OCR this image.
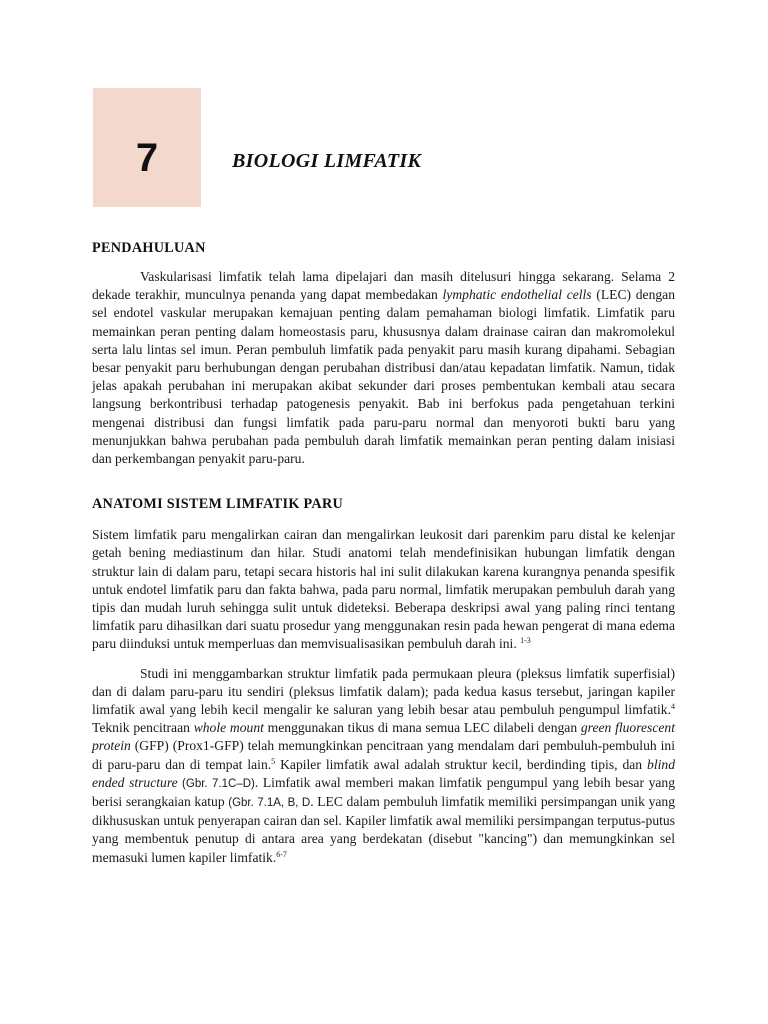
7	BIOLOGI LIMFATIK
PENDAHULUAN

Vaskularisasi limfatik telah lama dipelajari dan masih ditelusuri hingga sekarang. Selama 2 dekade terakhir, munculnya penanda yang dapat membedakan lymphatic endothelial cells (LEC) dengan sel endotel vaskular merupakan kemajuan penting dalam pemahaman biologi limfatik. Limfatik paru memainkan peran penting dalam homeostasis paru, khususnya dalam drainase cairan dan makromolekul serta lalu lintas sel imun. Peran pembuluh limfatik pada penyakit paru masih kurang dipahami. Sebagian besar penyakit paru berhubungan dengan perubahan distribusi dan/atau kepadatan limfatik. Namun, tidak jelas apakah perubahan ini merupakan akibat sekunder dari proses pembentukan kembali atau secara langsung berkontribusi terhadap patogenesis penyakit. Bab ini berfokus pada pengetahuan terkini mengenai distribusi dan fungsi limfatik pada paru-paru normal dan menyoroti bukti baru yang menunjukkan bahwa perubahan pada pembuluh darah limfatik memainkan peran penting dalam inisiasi dan perkembangan penyakit paru-paru.

ANATOMI SISTEM LIMFATIK PARU

Sistem limfatik paru mengalirkan cairan dan mengalirkan leukosit dari parenkim paru distal ke kelenjar getah bening mediastinum dan hilar. Studi anatomi telah mendefinisikan hubungan limfatik dengan struktur lain di dalam paru, tetapi secara historis hal ini sulit dilakukan karena kurangnya penanda spesifik untuk endotel limfatik paru dan fakta bahwa, pada paru normal, limfatik merupakan pembuluh darah yang tipis dan mudah luruh sehingga sulit untuk dideteksi. Beberapa deskripsi awal yang paling rinci tentang limfatik paru dihasilkan dari suatu prosedur yang menggunakan resin pada hewan pengerat di mana edema paru diinduksi untuk memperluas dan memvisualisasikan pembuluh darah ini. $^{1-3}$

Studi ini menggambarkan struktur limfatik pada permukaan pleura (pleksus limfatik superfisial) dan di dalam paru-paru itu sendiri (pleksus limfatik dalam); pada kedua kasus tersebut, jaringan kapiler limfatik awal yang lebih kecil mengalir ke saluran yang lebih besar atau pembuluh pengumpul limfatik.$^4$ Teknik pencitraan whole mount menggunakan tikus di mana semua LEC dilabeli dengan green fluorescent protein (GFP) (Prox1-GFP) telah memungkinkan pencitraan yang mendalam dari pembuluh-pembuluh ini di paru-paru dan di tempat lain.$^5$ Kapiler limfatik awal adalah struktur kecil, berdinding tipis, dan blind ended structure (Gbr. 7.1C–D). Limfatik awal memberi makan limfatik pengumpul yang lebih besar yang berisi serangkaian katup (Gbr. 7.1A, B, D. LEC dalam pembuluh limfatik memiliki persimpangan unik yang dikhususkan untuk penyerapan cairan dan sel. Kapiler limfatik awal memiliki persimpangan terputus-putus yang membentuk penutup di antara area yang berdekatan (disebut "kancing") dan memungkinkan sel memasuki lumen kapiler limfatik.$^{6-7}$
